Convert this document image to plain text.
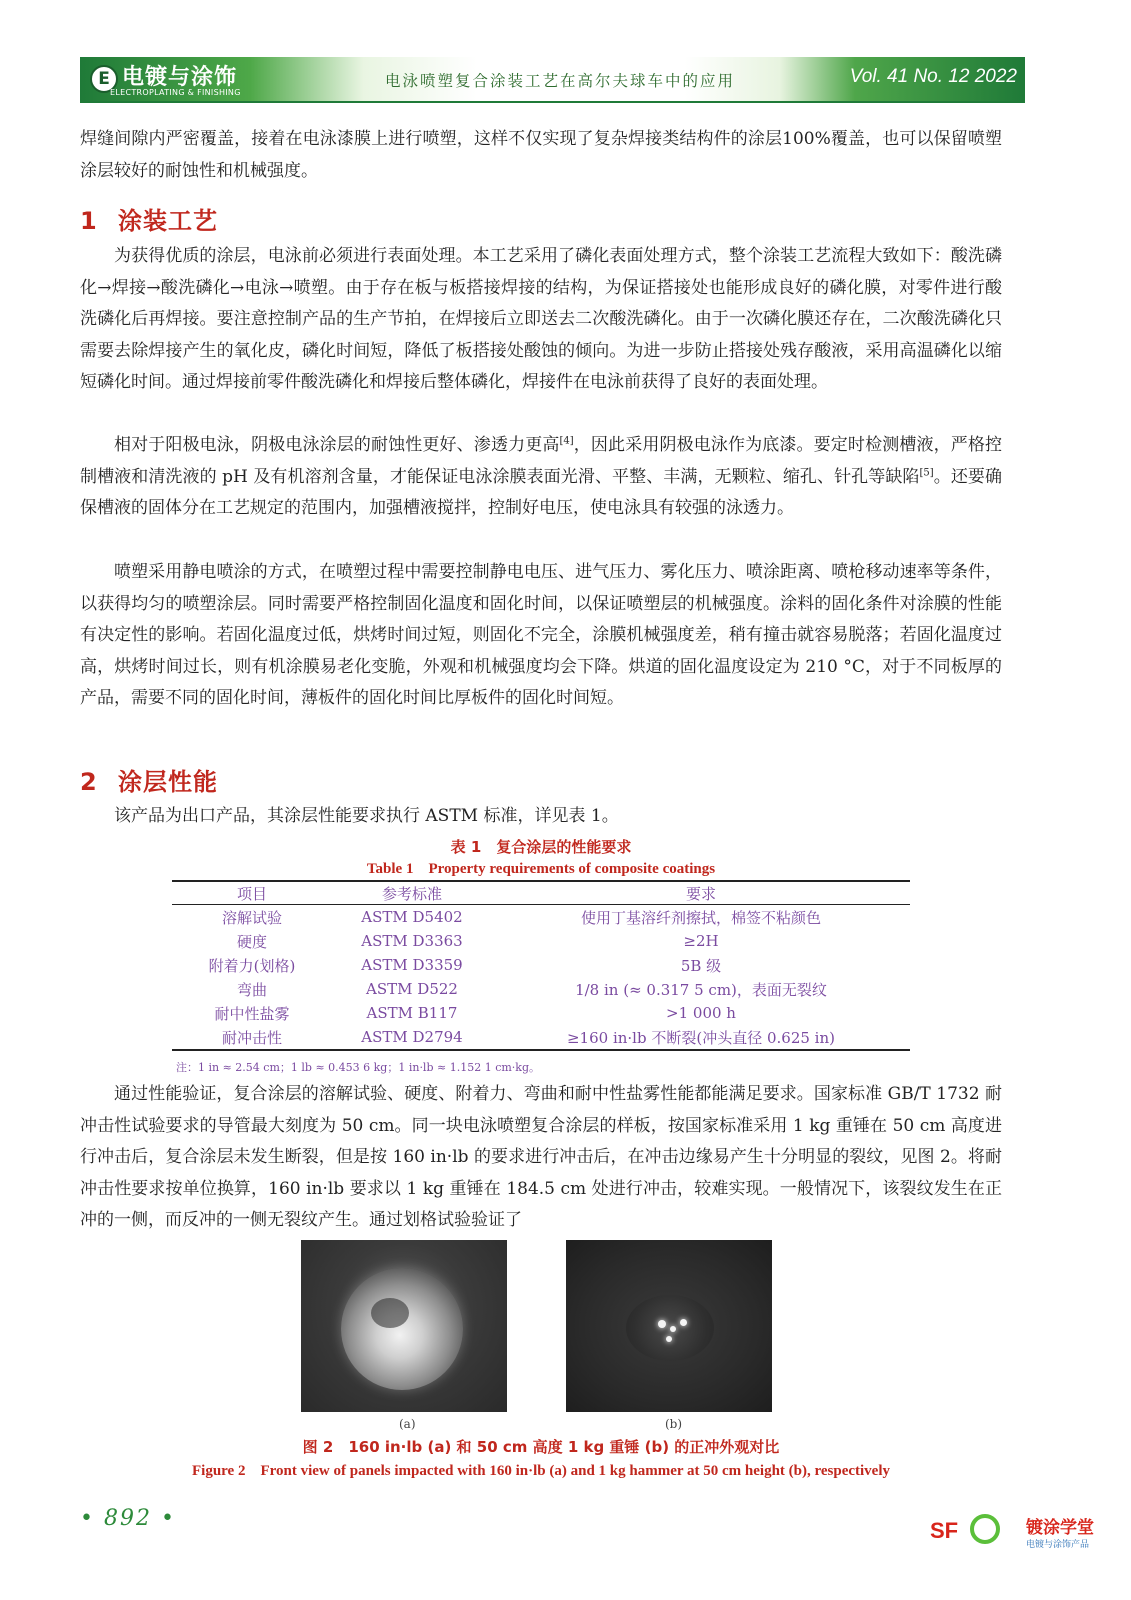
E 电镀与涂饰
ELECTROPLATING & FINISHING
电泳喷塑复合涂装工艺在高尔夫球车中的应用	Vol. 41 No. 12 2022
焊缝间隙内严密覆盖，接着在电泳漆膜上进行喷塑，这样不仅实现了复杂焊接类结构件的涂层100%覆盖，也可以保留喷塑涂层较好的耐蚀性和机械强度。
1 涂装工艺
为获得优质的涂层，电泳前必须进行表面处理。本工艺采用了磷化表面处理方式，整个涂装工艺流程大致如下：酸洗磷化→焊接→酸洗磷化→电泳→喷塑。由于存在板与板搭接焊接的结构，为保证搭接处也能形成良好的磷化膜，对零件进行酸洗磷化后再焊接。要注意控制产品的生产节拍，在焊接后立即送去二次酸洗磷化。由于一次磷化膜还存在，二次酸洗磷化只需要去除焊接产生的氧化皮，磷化时间短，降低了板搭接处酸蚀的倾向。为进一步防止搭接处残存酸液，采用高温磷化以缩短磷化时间。通过焊接前零件酸洗磷化和焊接后整体磷化，焊接件在电泳前获得了良好的表面处理。
相对于阳极电泳，阴极电泳涂层的耐蚀性更好、渗透力更高[4]，因此采用阴极电泳作为底漆。要定时检测槽液，严格控制槽液和清洗液的 pH 及有机溶剂含量，才能保证电泳涂膜表面光滑、平整、丰满，无颗粒、缩孔、针孔等缺陷[5]。还要确保槽液的固体分在工艺规定的范围内，加强槽液搅拌，控制好电压，使电泳具有较强的泳透力。
喷塑采用静电喷涂的方式，在喷塑过程中需要控制静电电压、进气压力、雾化压力、喷涂距离、喷枪移动速率等条件，以获得均匀的喷塑涂层。同时需要严格控制固化温度和固化时间，以保证喷塑层的机械强度。涂料的固化条件对涂膜的性能有决定性的影响。若固化温度过低，烘烤时间过短，则固化不完全，涂膜机械强度差，稍有撞击就容易脱落；若固化温度过高，烘烤时间过长，则有机涂膜易老化变脆，外观和机械强度均会下降。烘道的固化温度设定为 210 °C，对于不同板厚的产品，需要不同的固化时间，薄板件的固化时间比厚板件的固化时间短。
2 涂层性能
该产品为出口产品，其涂层性能要求执行 ASTM 标准，详见表 1。
表 1　复合涂层的性能要求
Table 1　Property requirements of composite coatings
项目	参考标准	要求
溶解试验	ASTM D5402	使用丁基溶纤剂擦拭，棉签不粘颜色
硬度	ASTM D3363	≥2H
附着力(划格)	ASTM D3359	5B 级
弯曲	ASTM D522	1/8 in (≈ 0.317 5 cm)，表面无裂纹
耐中性盐雾	ASTM B117	>1 000 h
耐冲击性	ASTM D2794	≥160 in·lb 不断裂(冲头直径 0.625 in)
注：1 in ≈ 2.54 cm；1 lb ≈ 0.453 6 kg；1 in·lb ≈ 1.152 1 cm·kg。
通过性能验证，复合涂层的溶解试验、硬度、附着力、弯曲和耐中性盐雾性能都能满足要求。国家标准 GB/T 1732 耐冲击性试验要求的导管最大刻度为 50 cm。同一块电泳喷塑复合涂层的样板，按国家标准采用 1 kg 重锤在 50 cm 高度进行冲击后，复合涂层未发生断裂，但是按 160 in·lb 的要求进行冲击后，在冲击边缘易产生十分明显的裂纹，见图 2。将耐冲击性要求按单位换算，160 in·lb 要求以 1 kg 重锤在 184.5 cm 处进行冲击，较难实现。一般情况下，该裂纹发生在正冲的一侧，而反冲的一侧无裂纹产生。通过划格试验验证了
(a)	(b)
图 2　160 in·lb (a) 和 50 cm 高度 1 kg 重锤 (b) 的正冲外观对比
Figure 2　Front view of panels impacted with 160 in·lb (a) and 1 kg hammer at 50 cm height (b), respectively
• 892 •	SF	镀涂学堂
电镀与涂饰产品
